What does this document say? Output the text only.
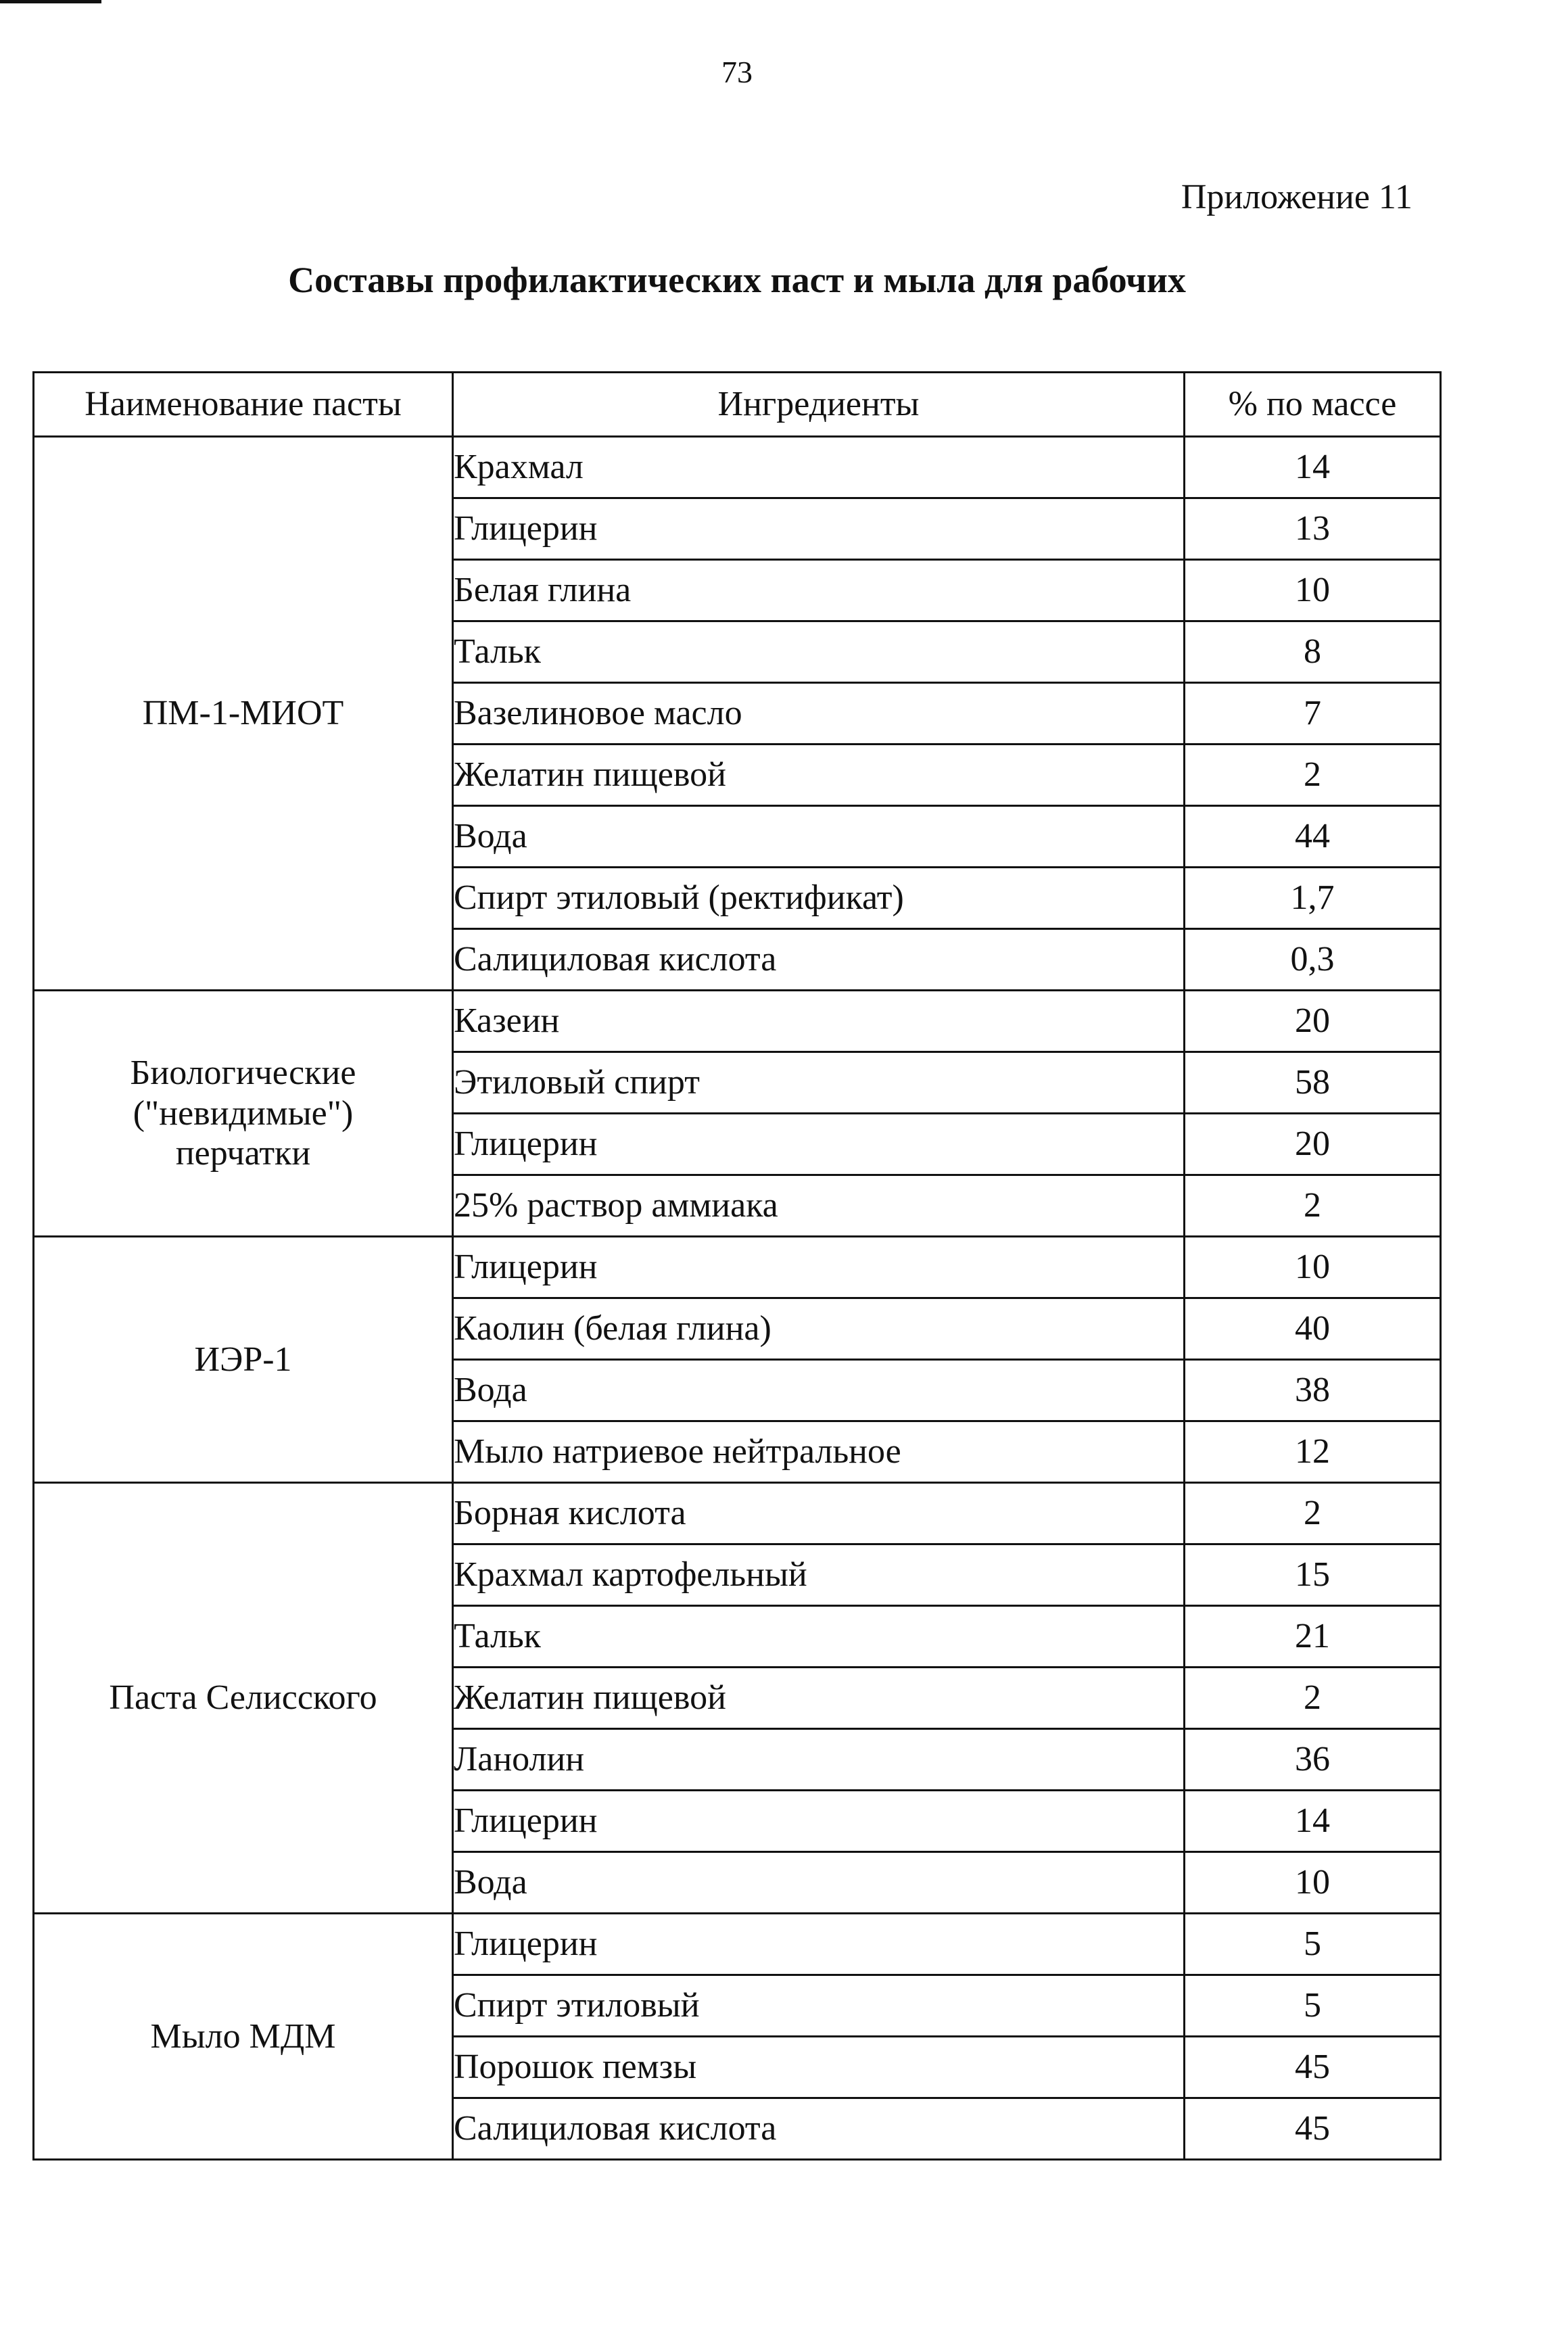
73
Приложение 11
Составы профилактических паст и мыла для рабочих
Наименование пасты	Ингредиенты	% по массе
ПМ-1-МИОТ	Крахмал	14
	Глицерин	13
	Белая глина	10
	Тальк	8
	Вазелиновое масло	7
	Желатин пищевой	2
	Вода	44
	Спирт этиловый (ректификат)	1,7
	Салициловая кислота	0,3
Биологические
("невидимые")
перчатки	Казеин	20
	Этиловый спирт	58
	Глицерин	20
	25% раствор аммиака	2
ИЭР-1	Глицерин	10
	Каолин (белая глина)	40
	Вода	38
	Мыло натриевое нейтральное	12
Паста Селисского	Борная кислота	2
	Крахмал картофельный	15
	Тальк	21
	Желатин пищевой	2
	Ланолин	36
	Глицерин	14
	Вода	10
Мыло МДМ	Глицерин	5
	Спирт этиловый	5
	Порошок пемзы	45
	Салициловая кислота	45
